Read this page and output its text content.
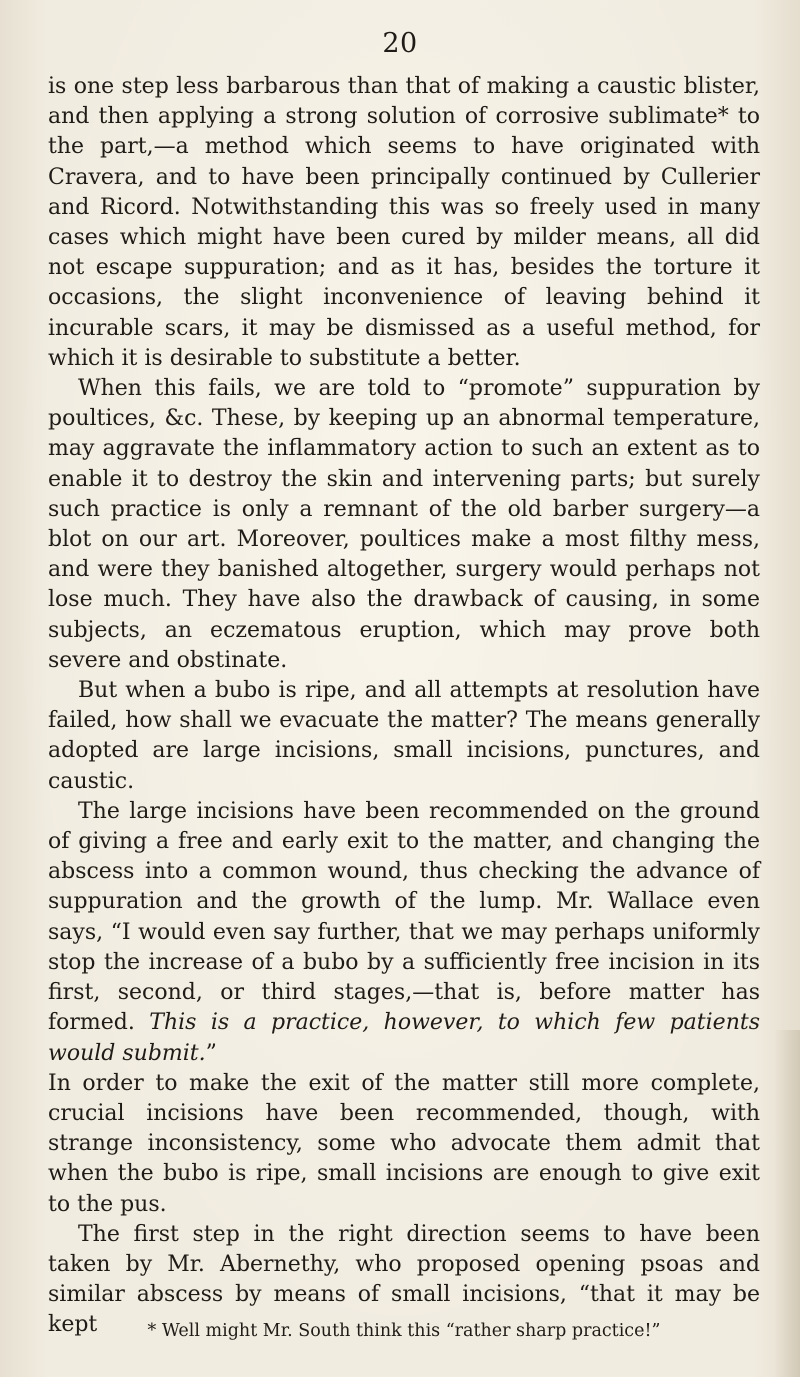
20

is one step less barbarous than that of making a caustic blister, and then applying a strong solution of corrosive sublimate* to the part,—a method which seems to have originated with Cravera, and to have been principally continued by Cullerier and Ricord. Notwithstanding this was so freely used in many cases which might have been cured by milder means, all did not escape suppuration; and as it has, besides the torture it occasions, the slight inconvenience of leaving behind it incurable scars, it may be dismissed as a useful method, for which it is desirable to substitute a better.

When this fails, we are told to “promote” suppuration by poultices, &c. These, by keeping up an abnormal temperature, may aggravate the inflammatory action to such an extent as to enable it to destroy the skin and intervening parts; but surely such practice is only a remnant of the old barber surgery—a blot on our art. Moreover, poultices make a most filthy mess, and were they banished altogether, surgery would perhaps not lose much. They have also the drawback of causing, in some subjects, an eczematous eruption, which may prove both severe and obstinate.

But when a bubo is ripe, and all attempts at resolution have failed, how shall we evacuate the matter? The means generally adopted are large incisions, small incisions, punctures, and caustic.

The large incisions have been recommended on the ground of giving a free and early exit to the matter, and changing the abscess into a common wound, thus checking the advance of suppuration and the growth of the lump. Mr. Wallace even says, “I would even say further, that we may perhaps uniformly stop the increase of a bubo by a sufficiently free incision in its first, second, or third stages,—that is, before matter has formed. This is a practice, however, to which few patients would submit.”

In order to make the exit of the matter still more complete, crucial incisions have been recommended, though, with strange inconsistency, some who advocate them admit that when the bubo is ripe, small incisions are enough to give exit to the pus.

The first step in the right direction seems to have been taken by Mr. Abernethy, who proposed opening psoas and similar abscess by means of small incisions, “that it may be kept	* Well might Mr. South think this “rather sharp practice!”
